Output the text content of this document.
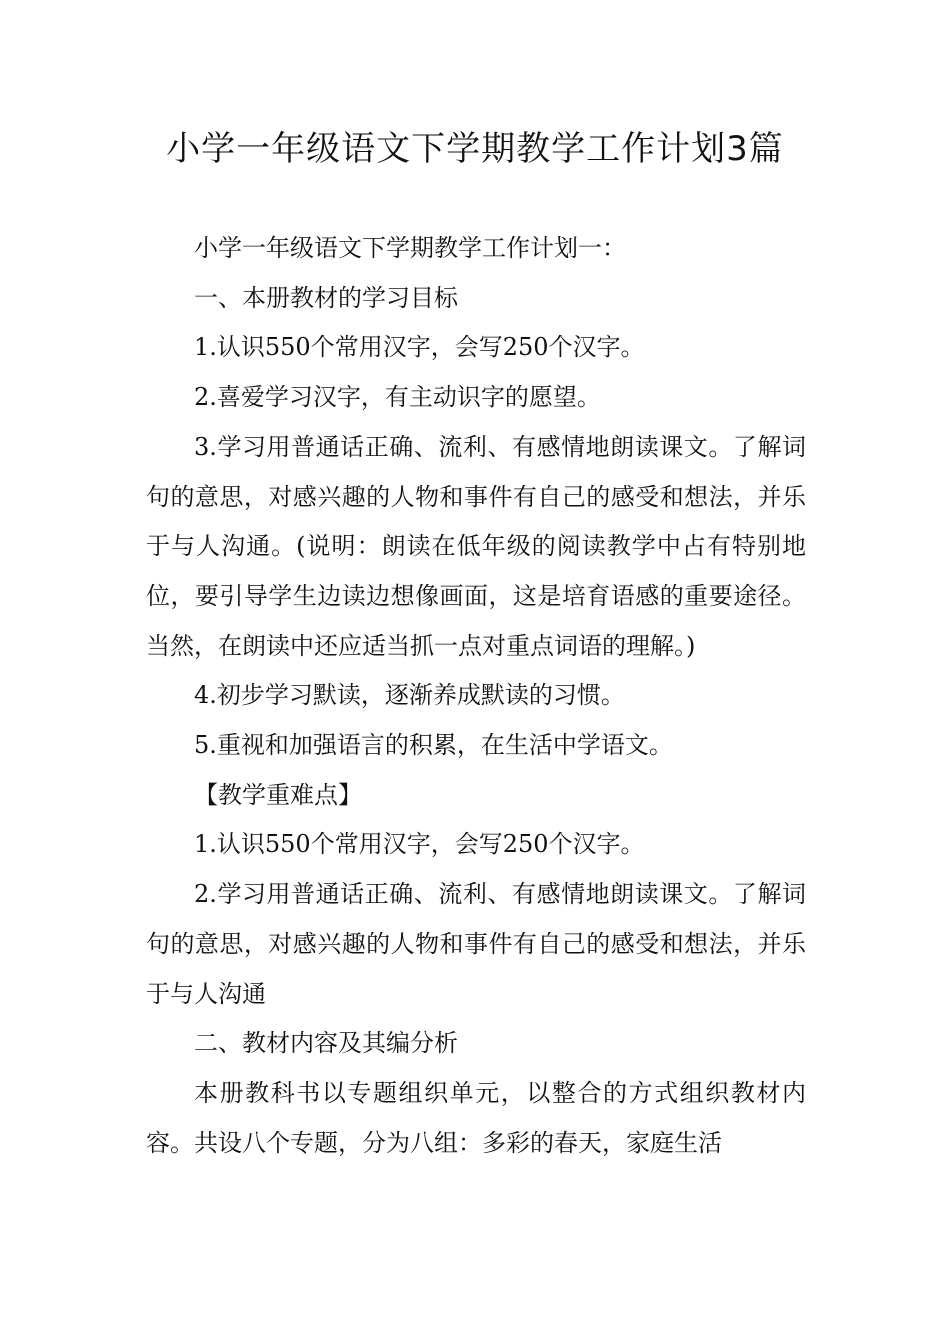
小学一年级语文下学期教学工作计划3篇

小学一年级语文下学期教学工作计划一：

一、本册教材的学习目标

1.认识550个常用汉字，会写250个汉字。

2.喜爱学习汉字，有主动识字的愿望。

3.学习用普通话正确、流利、有感情地朗读课文。了解词句的意思，对感兴趣的人物和事件有自己的感受和想法，并乐于与人沟通。(说明：朗读在低年级的阅读教学中占有特别地位，要引导学生边读边想像画面，这是培育语感的重要途径。当然，在朗读中还应适当抓一点对重点词语的理解。)

4.初步学习默读，逐渐养成默读的习惯。

5.重视和加强语言的积累，在生活中学语文。

【教学重难点】

1.认识550个常用汉字，会写250个汉字。

2.学习用普通话正确、流利、有感情地朗读课文。了解词句的意思，对感兴趣的人物和事件有自己的感受和想法，并乐于与人沟通

二、教材内容及其编分析

本册教科书以专题组织单元，以整合的方式组织教材内容。共设八个专题，分为八组：多彩的春天，家庭生活
